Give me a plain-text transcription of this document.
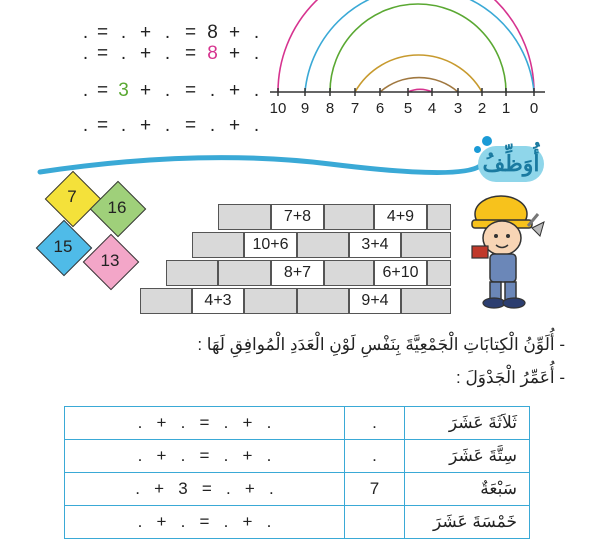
. = . + . = 8 + .

. = . + . = 8 + .

. = 3 + . = . + .

. = . + . = . + .

10 9	8	7	6	5	4	3	2	1	0
أُوَظِّفُ
7
16
15
13
7+8	4+9
10+6	3+4
8+7	6+10
4+3	9+4
- أُلَوِّنُ الْكِتابَاتِ الْجَمْعِيَّةَ بِنَفْسِ لَوْنِ الْعَدَدِ الْمُوافِقِ لَهَا :
- أُعَمِّرُ الْجَدْوَلَ :
.   +   .   =   .   +   .	.	ثَلاَثَةَ عَشَرَ
.   +   .   =   .   +   .	.	سِتَّةَ عَشَرَ
.   +   3   =   .   +   .	7	سَبْعَةٌ
.   +   .   =   .   +   .		خَمْسَةَ عَشَرَ
